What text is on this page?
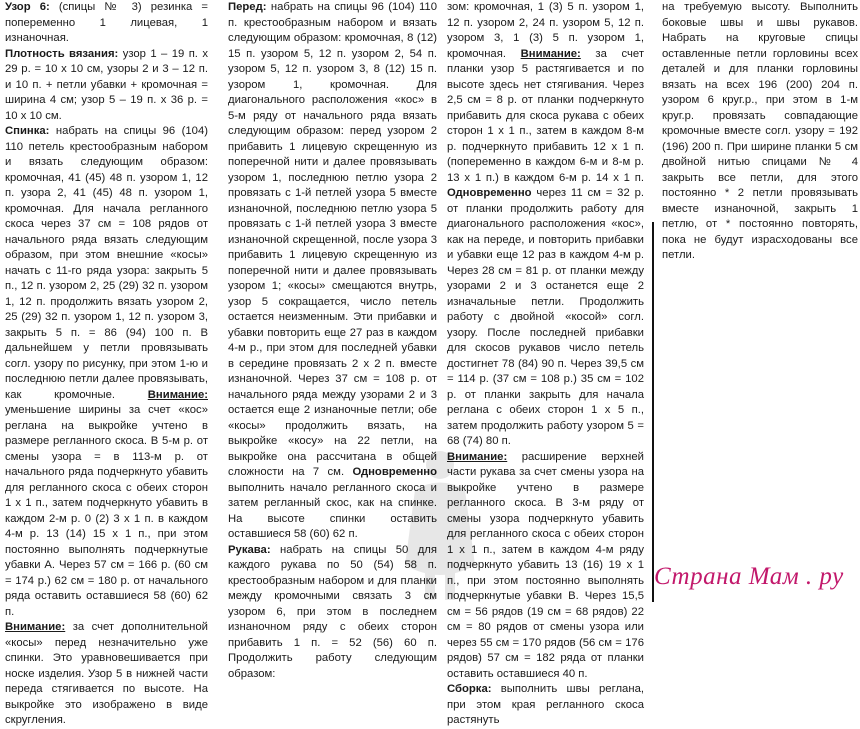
Узор 6: (спицы № 3) резинка = попеременно 1 лицевая, 1 изнаночная.

Плотность вязания: узор 1 – 19 п. x 29 р. = 10 x 10 см, узоры 2 и 3 – 12 п. и 10 п. + петли убавки + кромочная = ширина 4 см; узор 5 – 19 п. x 36 р. = 10 x 10 см.

Спинка: набрать на спицы 96 (104) 110 петель крестообразным набором и вязать следующим образом: кромочная, 41 (45) 48 п. узором 1, 12 п. узора 2, 41 (45) 48 п. узором 1, кромочная. Для начала регланного скоса через 37 см = 108 рядов от начального ряда вязать следующим образом, при этом внешние «косы» начать с 11-го ряда узора: закрыть 5 п., 12 п. узором 2, 25 (29) 32 п. узором 1, 12 п. продолжить вязать узором 2, 25 (29) 32 п. узором 1, 12 п. узором 3, закрыть 5 п. = 86 (94) 100 п. В дальнейшем у петли провязывать согл. узору по рисунку, при этом 1-ю и последнюю петли далее провязывать, как кромочные.	Внимание: уменьшение ширины за счет «кос» реглана на выкройке учтено в размере регланного скоса. В 5-м р. от смены узора = в 113-м р. от начального ряда подчеркнуто убавить для регланного скоса с обеих сторон 1 x 1 п., затем подчеркнуто убавить в каждом 2-м р. 0 (2) 3 x 1 п. в каждом 4-м р. 13 (14) 15 x 1 п., при этом постоянно выполнять подчеркнутые убавки А. Через 57 см = 166 р. (60 см = 174 р.) 62 см = 180 р. от начального ряда оставить оставшиеся 58 (60) 62 п.

Внимание: за счет дополнительной «косы» перед незначительно уже спинки. Это уравновешивается при носке изделия. Узор 5 в нижней части переда стягивается по высоте. На выкройке это изображено в виде скругления.

Перед: набрать на спицы 96 (104) 110 п. крестообразным набором и вязать следующим образом: кромочная, 8 (12) 15 п. узором 5, 12 п. узором 2, 54 п. узором 5, 12 п. узором 3, 8 (12) 15 п. узором 1, кромочная. Для диагонального расположения «кос» в 5-м ряду от начального ряда вязать следующим образом: перед узором 2 прибавить 1 лицевую скрещенную из поперечной нити и далее провязывать узором 1, последнюю петлю узора 2 провязать с 1-й петлей узора 5 вместе изнаночной, последнюю петлю узора 5 провязать с 1-й петлей узора 3 вместе изнаночной скрещенной, после узора 3 прибавить 1 лицевую скрещенную из поперечной нити и далее провязывать узором 1; «косы» смещаются внутрь, узор 5 сокращается, число петель остается неизменным. Эти прибавки и убавки повторить еще 27 раз в каждом 4-м р., при этом для последней убавки в середине провязать 2 x 2 п. вместе изнаночной. Через 37 см = 108 р. от начального ряда между узорами 2 и 3 остается еще 2 изнаночные петли; обе «косы» продолжить вязать, на выкройке «косу» на 22 петли, на выкройке она рассчитана в общей сложности на 7 см. Одновременно выполнить начало регланного скоса и затем регланный скос, как на спинке. На высоте спинки оставить оставшиеся 58 (60) 62 п.

Рукава: набрать на спицы 50 для каждого рукава по 50 (54) 58 п. крестообразным набором и для планки между кромочными связать 3 см узором 6, при этом в последнем изнаночном ряду с обеих сторон прибавить 1 п. = 52 (56) 60 п. Продолжить работу следующим образом:

зом: кромочная, 1 (3) 5 п. узором 1, 12 п. узором 2, 24 п. узором 5, 12 п. узором 3, 1 (3) 5 п. узором 1, кромочная. Внимание: за счет планки узор 5 растягивается и по высоте здесь нет стягивания. Через 2,5 см = 8 р. от планки подчеркнуто прибавить для скоса рукава с обеих сторон 1 x 1 п., затем в каждом 8-м р. подчеркнуто прибавить 12 x 1 п. (попеременно в каждом 6-м и 8-м р. 13 x 1 п.) в каждом 6-м р. 14 x 1 п. Одновременно через 11 см = 32 р. от планки продолжить работу для диагонального расположения «кос», как на переде, и повторить прибавки и убавки еще 12 раз в каждом 4-м р. Через 28 см = 81 р. от планки между узорами 2 и 3 останется еще 2 изначальные петли. Продолжить работу с двойной «косой» согл. узору. После последней прибавки для скосов рукавов число петель достигнет 78 (84) 90 п. Через 39,5 см = 114 р. (37 см = 108 р.) 35 см = 102 р. от планки закрыть для начала реглана с обеих сторон 1 x 5 п., затем продолжить работу узором 5 = 68 (74) 80 п.

Внимание: расширение верхней части рукава за счет смены узора на выкройке учтено в размере регланного скоса. В 3-м ряду от смены узора подчеркнуто убавить для регланного скоса с обеих сторон 1 x 1 п., затем в каждом 4-м ряду подчеркнуто убавить 13 (16) 19 x 1 п., при этом постоянно выполнять подчеркнутые убавки В. Через 15,5 см = 56 рядов (19 см = 68 рядов) 22 см = 80 рядов от смены узора или через 55 см = 170 рядов (56 см = 176 рядов) 57 см = 182 ряда от планки оставить оставшиеся 40 п.

Сборка: выполнить швы реглана, при этом края регланного скоса растянуть

на требуемую высоту. Выполнить боковые швы и швы рукавов. Набрать на круговые спицы оставленные петли горловины всех деталей и для планки горловины вязать на всех 196 (200) 204 п. узором 6 круг.р., при этом в 1-м круг.р. провязать совпадающие кромочные вместе согл. узору = 192 (196) 200 п. При ширине планки 5 см двойной нитью спицами № 4 закрыть все петли, для этого постоянно * 2 петли провязывать вместе изнаночной, закрыть 1 петлю, от * постоянно повторять, пока не будут израсходованы все петли.

Страна Мам . ру
